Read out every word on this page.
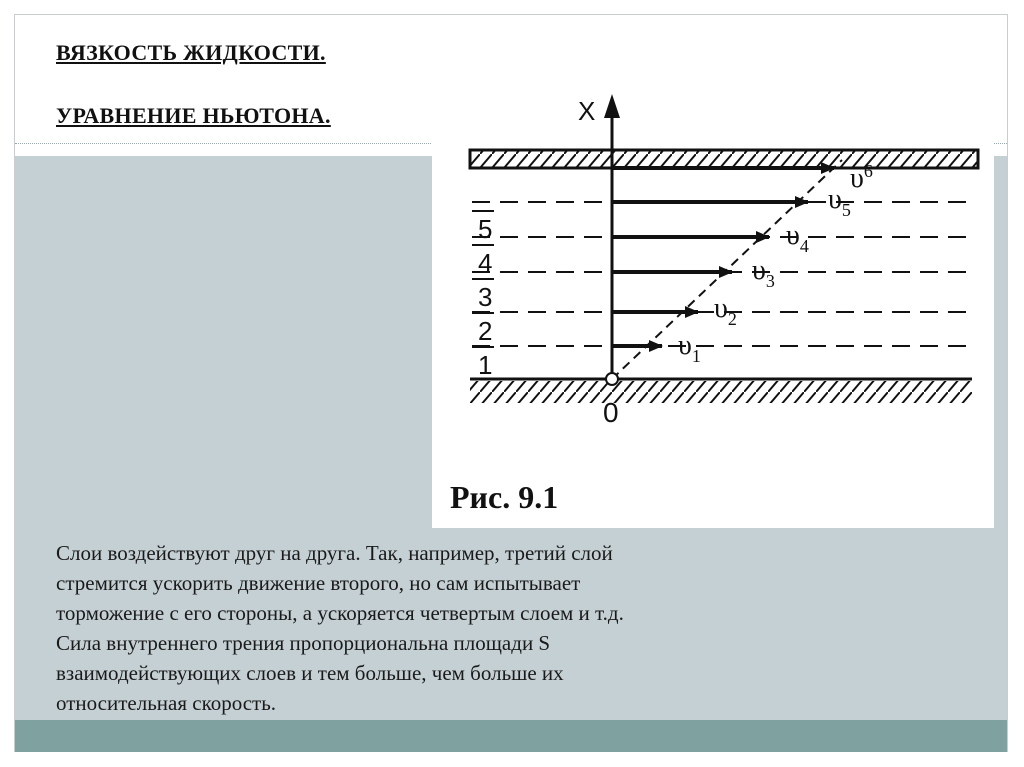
ВЯЗКОСТЬ ЖИДКОСТИ.
УРАВНЕНИЕ НЬЮТОНА.
1
2
3
4
5
X
0
$\upsilon_1$
$\upsilon_2$
$\upsilon_3$
$\upsilon_4$
$\upsilon_5$
$\upsilon^6$
Рис. 9.1
Слои воздействуют друг на друга. Так, например, третий слой
стремится ускорить движение второго, но сам испытывает
торможение с его стороны, а ускоряется четвертым слоем и т.д.
Сила внутреннего трения пропорциональна площади S
взаимодействующих слоев и тем больше, чем больше их
относительная скорость.
